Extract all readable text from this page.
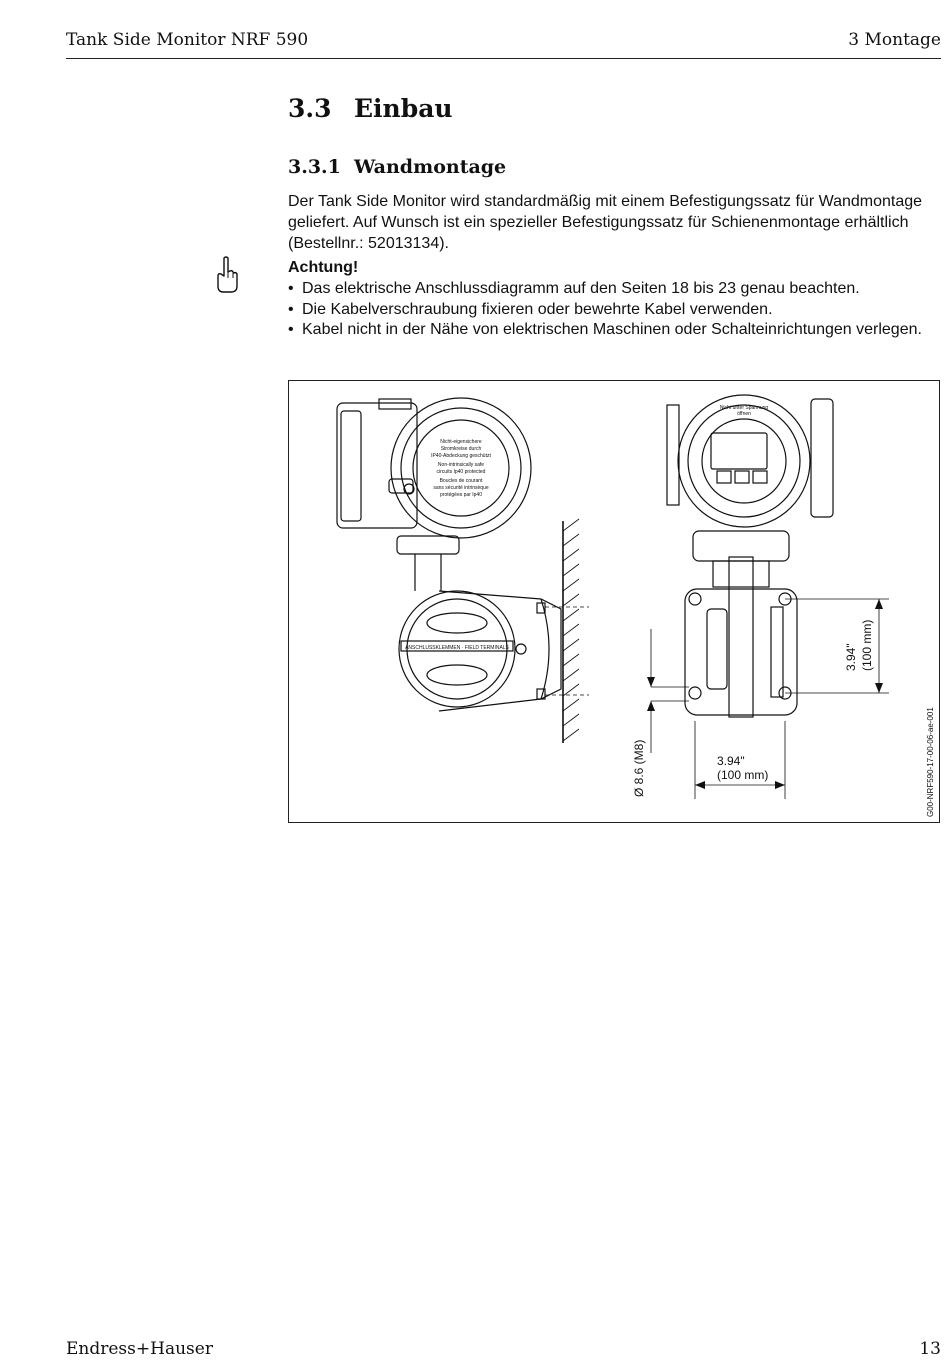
Tank Side Monitor NRF 590	3 Montage
3.3 Einbau
3.3.1 Wandmontage
Der Tank Side Monitor wird standardmäßig mit einem Befestigungssatz für Wandmontage geliefert. Auf Wunsch ist ein spezieller Befestigungssatz für Schienenmontage erhältlich (Bestellnr.: 52013134).
Achtung!
• Das elektrische Anschlussdiagramm auf den Seiten 18 bis 23 genau beachten.
• Die Kabelverschraubung fixieren oder bewehrte Kabel verwenden.
• Kabel nicht in der Nähe von elektrischen Maschinen oder Schalteinrichtungen verlegen.
Nicht-eigensichere
Stromkreise durch
IP40-Abdeckung geschützt
Non-intrinsically safe
circuits Ip40 protected
Boucles de courant
sans sécurité intrinsèque
protégées par Ip40
ANSCHLUSSKLEMMEN · FIELD TERMINALS
Nicht unter Spannung
öffnen
3.94" (100 mm)
3.94"
(100 mm)
Ø 8.6 (M8)	G00-NRF590-17-00-06-ae-001
Endress+Hauser	13
